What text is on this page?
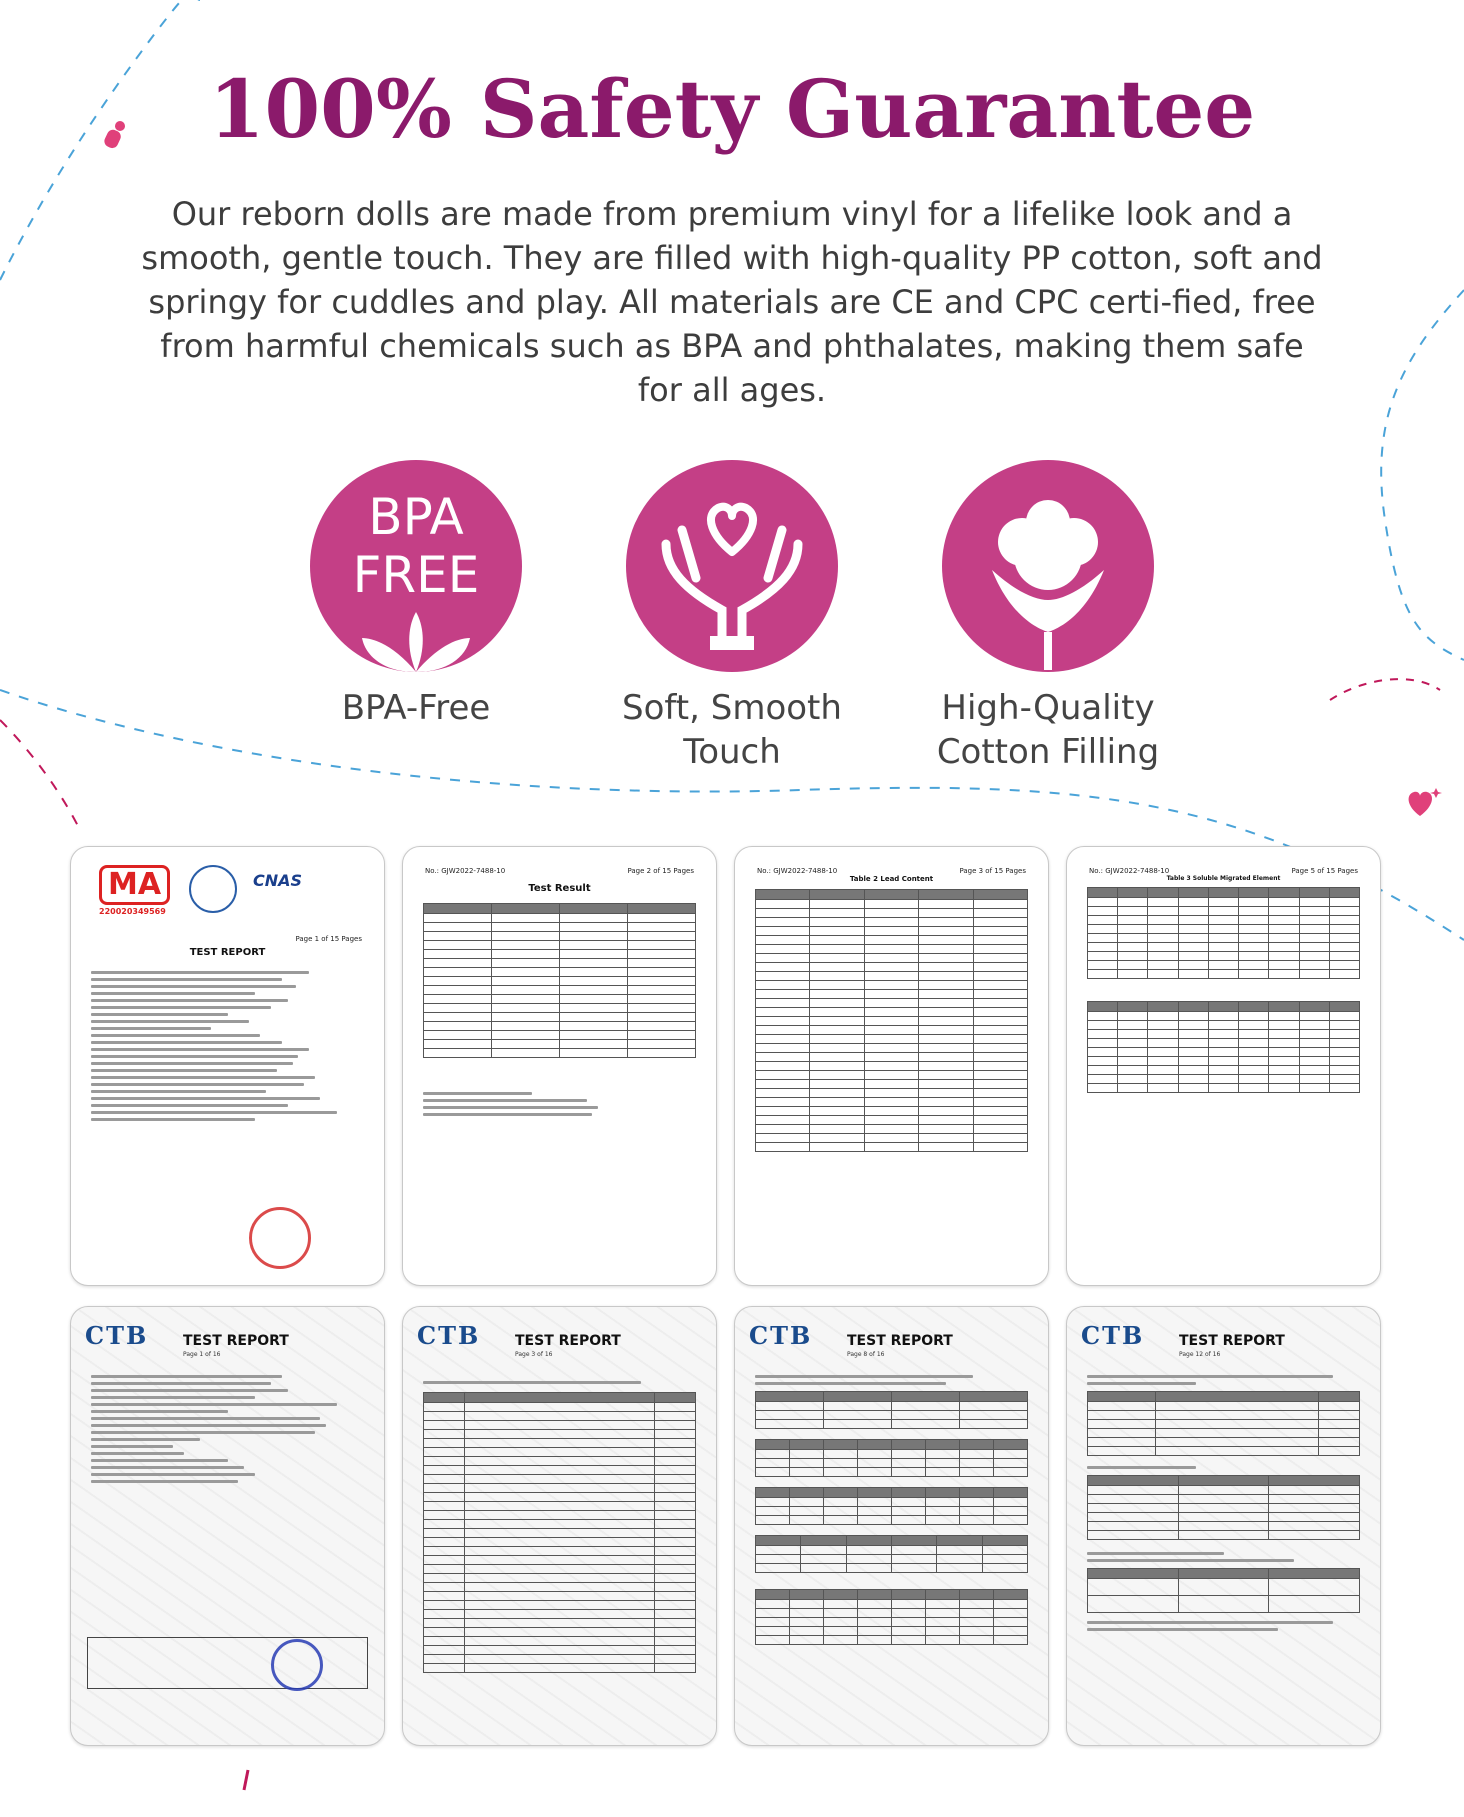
100% Safety Guarantee

Our reborn dolls are made from premium vinyl for a lifelike look and a smooth, gentle touch. They are filled with high-quality PP cotton, soft and springy for cuddles and play. All materials are CE and CPC certi-fied, free from harmful chemicals such as BPA and phthalates, making them safe for all ages.

BPA
FREE
BPA-Free	Soft, Smooth
Touch
High-Quality
Cotton Filling
MA
220020349569
CNAS
Page 1 of 15 Pages
TEST REPORT
No.: GJW2022-7488-10	Page 2 of 15 Pages
Test Result

No.: GJW2022-7488-10	Page 3 of 15 Pages
Table 2 Lead Content

No.: GJW2022-7488-10	Page 5 of 15 Pages
Table 3 Soluble Migrated Element

CTB TEST REPORT
Page 1 of 16
CTB TEST REPORT
Page 3 of 16

CTB TEST REPORT
Page 8 of 16

CTB TEST REPORT
Page 12 of 16
